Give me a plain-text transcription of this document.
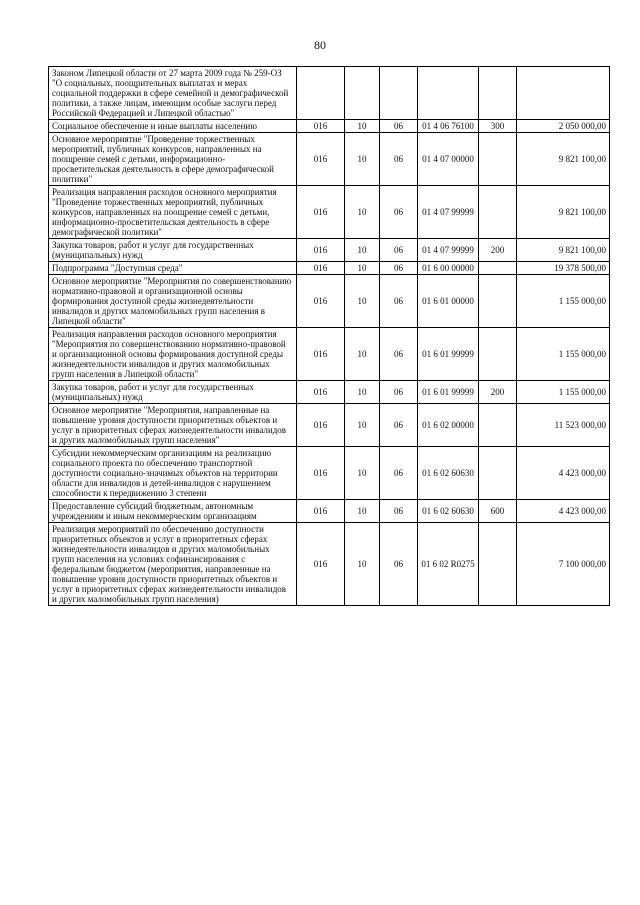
80
Законом Липецкой области от 27 марта 2009 года № 259-ОЗ "О социальных, поощрительных выплатах и мерах социальной поддержки в сфере семейной и демографической политики, а также лицам, имеющим особые заслуги перед Российской Федерацией и Липецкой областью"						
Социальное обеспечение и иные выплаты населению	016	10	06	01 4 06 76100	300	2 050 000,00
Основное мероприятие "Проведение торжественных мероприятий, публичных конкурсов, направленных на поощрение семей с детьми, информационно-просветительская деятельность в сфере демографической политики"	016	10	06	01 4 07 00000		9 821 100,00
Реализация направления расходов основного мероприятия "Проведение торжественных мероприятий, публичных конкурсов, направленных на поощрение семей с детьми, информационно-просветительская деятельность в сфере демографической политики"	016	10	06	01 4 07 99999		9 821 100,00
Закупка товаров, работ и услуг для государственных (муниципальных) нужд	016	10	06	01 4 07 99999	200	9 821 100,00
Подпрограмма "Доступная среда"	016	10	06	01 6 00 00000		19 378 500,00
Основное мероприятие "Мероприятия по совершенствованию нормативно-правовой и организационной основы формирования доступной среды жизнедеятельности инвалидов и других маломобильных групп населения в Липецкой области"	016	10	06	01 6 01 00000		1 155 000,00
Реализация направления расходов основного мероприятия "Мероприятия по совершенствованию нормативно-правовой и организационной основы формирования доступной среды жизнедеятельности инвалидов и других маломобильных групп населения в Липецкой области"	016	10	06	01 6 01 99999		1 155 000,00
Закупка товаров, работ и услуг для государственных (муниципальных) нужд	016	10	06	01 6 01 99999	200	1 155 000,00
Основное мероприятие "Мероприятия, направленные на повышение уровня доступности приоритетных объектов и услуг в приоритетных сферах жизнедеятельности инвалидов и других маломобильных групп населения"	016	10	06	01 6 02 00000		11 523 000,00
Субсидии некоммерческим организациям на реализацию социального проекта по обеспечению транспортной доступности социально-значимых объектов на территории области для инвалидов и детей-инвалидов с нарушением способности к передвижению 3 степени	016	10	06	01 6 02 60630		4 423 000,00
Предоставление субсидий бюджетным, автономным учреждениям и иным некоммерческим организациям	016	10	06	01 6 02 60630	600	4 423 000,00
Реализация мероприятий по обеспечению доступности приоритетных объектов и услуг в приоритетных сферах жизнедеятельности инвалидов и других маломобильных групп населения на условиях софинансирования с федеральным бюджетом (мероприятия, направленные на повышение уровня доступности приоритетных объектов и услуг в приоритетных сферах жизнедеятельности инвалидов и других маломобильных групп населения)	016	10	06	01 6 02 R0275		7 100 000,00
